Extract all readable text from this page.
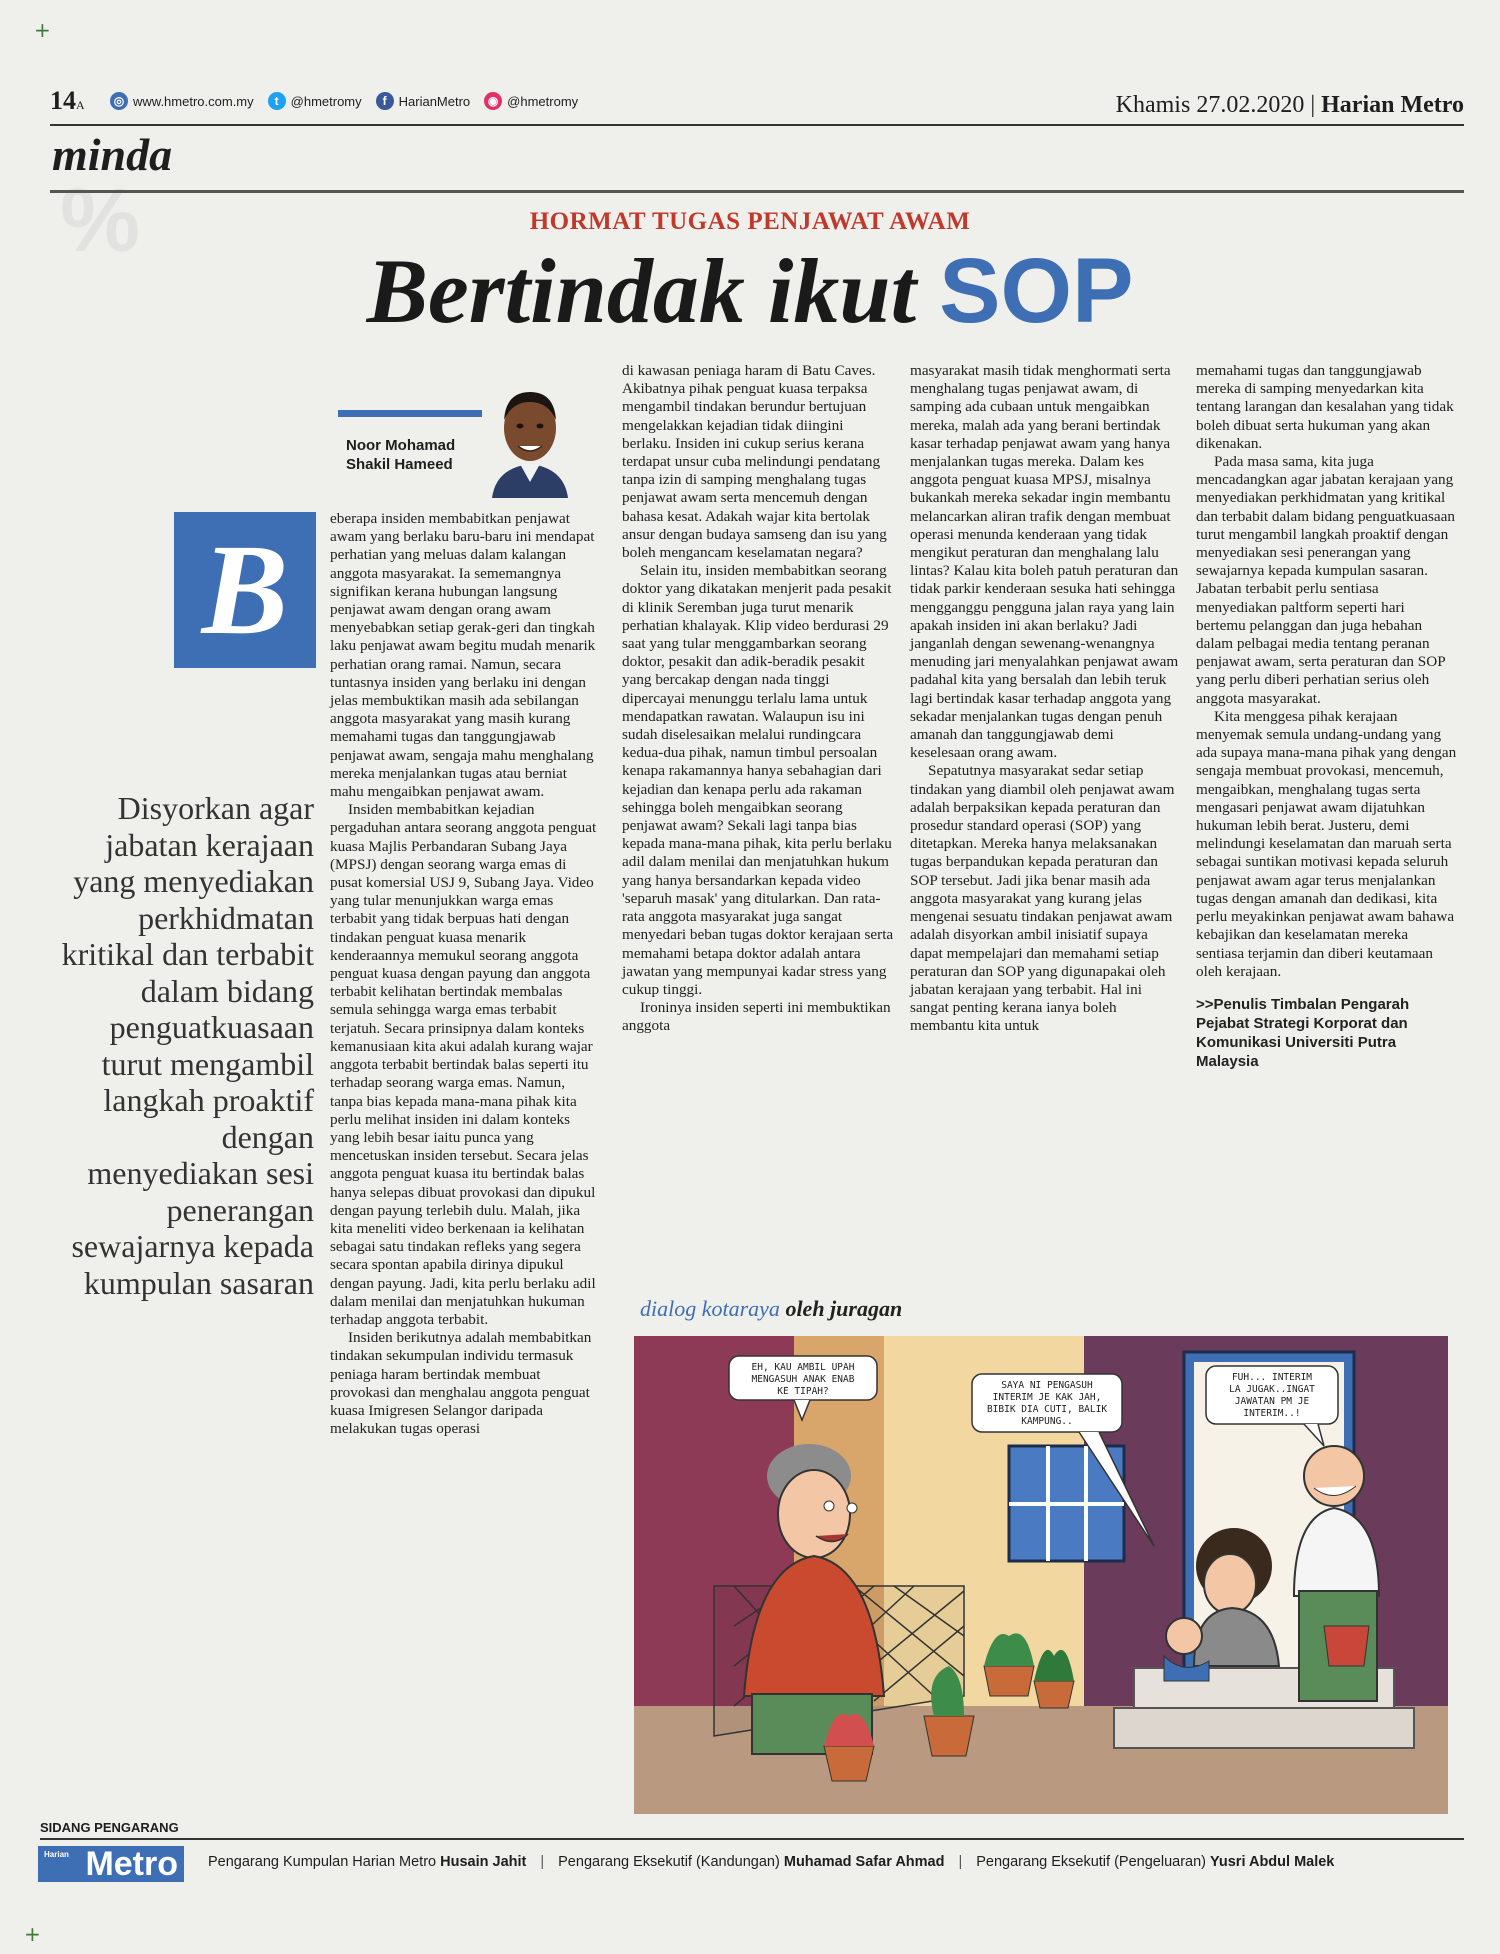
%
+
+
14A	◎ www.hmetro.com.my	t @hmetromy	f HarianMetro	◉ @hmetromy	Khamis 27.02.2020 | Harian Metro
minda
HORMAT TUGAS PENJAWAT AWAM
Bertindak ikut SOP
Noor Mohamad
Shakil Hameed
B
Disyorkan agar jabatan kerajaan yang menyediakan perkhidmatan kritikal dan terbabit dalam bidang penguatkuasaan turut mengambil langkah proaktif dengan menyediakan sesi penerangan sewajarnya kepada kumpulan sasaran

eberapa insiden membabitkan penjawat awam yang berlaku baru-baru ini mendapat perhatian yang meluas dalam kalangan anggota masyarakat. Ia sememangnya signifikan kerana hubungan langsung penjawat awam dengan orang awam menyebabkan setiap gerak-geri dan tingkah laku penjawat awam begitu mudah menarik perhatian orang ramai. Namun, secara tuntasnya insiden yang berlaku ini dengan jelas membuktikan masih ada sebilangan anggota masyarakat yang masih kurang memahami tugas dan tanggungjawab penjawat awam, sengaja mahu menghalang mereka menjalankan tugas atau berniat mahu mengaibkan penjawat awam.

Insiden membabitkan kejadian pergaduhan antara seorang anggota penguat kuasa Majlis Perbandaran Subang Jaya (MPSJ) dengan seorang warga emas di pusat komersial USJ 9, Subang Jaya. Video yang tular menunjukkan warga emas terbabit yang tidak berpuas hati dengan tindakan penguat kuasa menarik kenderaannya memukul seorang anggota penguat kuasa dengan payung dan anggota terbabit kelihatan bertindak membalas semula sehingga warga emas terbabit terjatuh. Secara prinsipnya dalam konteks kemanusiaan kita akui adalah kurang wajar anggota terbabit bertindak balas seperti itu terhadap seorang warga emas. Namun, tanpa bias kepada mana-mana pihak kita perlu melihat insiden ini dalam konteks yang lebih besar iaitu punca yang mencetuskan insiden tersebut. Secara jelas anggota penguat kuasa itu bertindak balas hanya selepas dibuat provokasi dan dipukul dengan payung terlebih dulu. Malah, jika kita meneliti video berkenaan ia kelihatan sebagai satu tindakan refleks yang segera secara spontan apabila dirinya dipukul dengan payung. Jadi, kita perlu berlaku adil dalam menilai dan menjatuhkan hukuman terhadap anggota terbabit.

Insiden berikutnya adalah membabitkan tindakan sekumpulan individu termasuk peniaga haram bertindak membuat provokasi dan menghalau anggota penguat kuasa Imigresen Selangor daripada melakukan tugas operasi

di kawasan peniaga haram di Batu Caves. Akibatnya pihak penguat kuasa terpaksa mengambil tindakan berundur bertujuan mengelakkan kejadian tidak diingini berlaku. Insiden ini cukup serius kerana terdapat unsur cuba melindungi pendatang tanpa izin di samping menghalang tugas penjawat awam serta mencemuh dengan bahasa kesat. Adakah wajar kita bertolak ansur dengan budaya samseng dan isu yang boleh mengancam keselamatan negara?

Selain itu, insiden membabitkan seorang doktor yang dikatakan menjerit pada pesakit di klinik Seremban juga turut menarik perhatian khalayak. Klip video berdurasi 29 saat yang tular menggambarkan seorang doktor, pesakit dan adik-beradik pesakit yang bercakap dengan nada tinggi dipercayai menunggu terlalu lama untuk mendapatkan rawatan. Walaupun isu ini sudah diselesaikan melalui rundingcara kedua-dua pihak, namun timbul persoalan kenapa rakamannya hanya sebahagian dari kejadian dan kenapa perlu ada rakaman sehingga boleh mengaibkan seorang penjawat awam? Sekali lagi tanpa bias kepada mana-mana pihak, kita perlu berlaku adil dalam menilai dan menjatuhkan hukum yang hanya bersandarkan kepada video 'separuh masak' yang ditularkan. Dan rata-rata anggota masyarakat juga sangat menyedari beban tugas doktor kerajaan serta memahami betapa doktor adalah antara jawatan yang mempunyai kadar stress yang cukup tinggi.

Ironinya insiden seperti ini membuktikan anggota

masyarakat masih tidak menghormati serta menghalang tugas penjawat awam, di samping ada cubaan untuk mengaibkan mereka, malah ada yang berani bertindak kasar terhadap penjawat awam yang hanya menjalankan tugas mereka. Dalam kes anggota penguat kuasa MPSJ, misalnya bukankah mereka sekadar ingin membantu melancarkan aliran trafik dengan membuat operasi menunda kenderaan yang tidak mengikut peraturan dan menghalang lalu lintas? Kalau kita boleh patuh peraturan dan tidak parkir kenderaan sesuka hati sehingga mengganggu pengguna jalan raya yang lain apakah insiden ini akan berlaku? Jadi janganlah dengan sewenang-wenangnya menuding jari menyalahkan penjawat awam padahal kita yang bersalah dan lebih teruk lagi bertindak kasar terhadap anggota yang sekadar menjalankan tugas dengan penuh amanah dan tanggungjawab demi keselesaan orang awam.

Sepatutnya masyarakat sedar setiap tindakan yang diambil oleh penjawat awam adalah berpaksikan kepada peraturan dan prosedur standard operasi (SOP) yang ditetapkan. Mereka hanya melaksanakan tugas berpandukan kepada peraturan dan SOP tersebut. Jadi jika benar masih ada anggota masyarakat yang kurang jelas mengenai sesuatu tindakan penjawat awam adalah disyorkan ambil inisiatif supaya dapat mempelajari dan memahami setiap peraturan dan SOP yang digunapakai oleh jabatan kerajaan yang terbabit. Hal ini sangat penting kerana ianya boleh membantu kita untuk

memahami tugas dan tanggungjawab mereka di samping menyedarkan kita tentang larangan dan kesalahan yang tidak boleh dibuat serta hukuman yang akan dikenakan.

Pada masa sama, kita juga mencadangkan agar jabatan kerajaan yang menyediakan perkhidmatan yang kritikal dan terbabit dalam bidang penguatkuasaan turut mengambil langkah proaktif dengan menyediakan sesi penerangan yang sewajarnya kepada kumpulan sasaran. Jabatan terbabit perlu sentiasa menyediakan paltform seperti hari bertemu pelanggan dan juga hebahan dalam pelbagai media tentang peranan penjawat awam, serta peraturan dan SOP yang perlu diberi perhatian serius oleh anggota masyarakat.

Kita menggesa pihak kerajaan menyemak semula undang-undang yang ada supaya mana-mana pihak yang dengan sengaja membuat provokasi, mencemuh, mengaibkan, menghalang tugas serta mengasari penjawat awam dijatuhkan hukuman lebih berat. Justeru, demi melindungi keselamatan dan maruah serta sebagai suntikan motivasi kepada seluruh penjawat awam agar terus menjalankan tugas dengan amanah dan dedikasi, kita perlu meyakinkan penjawat awam bahawa kebajikan dan keselamatan mereka sentiasa terjamin dan diberi keutamaan oleh kerajaan.

>>Penulis Timbalan Pengarah Pejabat Strategi Korporat dan Komunikasi Universiti Putra Malaysia
dialog kotaraya oleh juragan
EH, KAU AMBIL UPAH
MENGASUH ANAK ENAB
KE TIPAH?
SAYA NI PENGASUH
INTERIM JE KAK JAH,
BIBIK DIA CUTI, BALIK
KAMPUNG..
FUH... INTERIM
LA JUGAK..INGAT
JAWATAN PM JE
INTERIM..!
SIDANG PENGARANG
Harian Metro	Pengarang Kumpulan Harian Metro Husain Jahit | Pengarang Eksekutif (Kandungan) Muhamad Safar Ahmad | Pengarang Eksekutif (Pengeluaran) Yusri Abdul Malek
